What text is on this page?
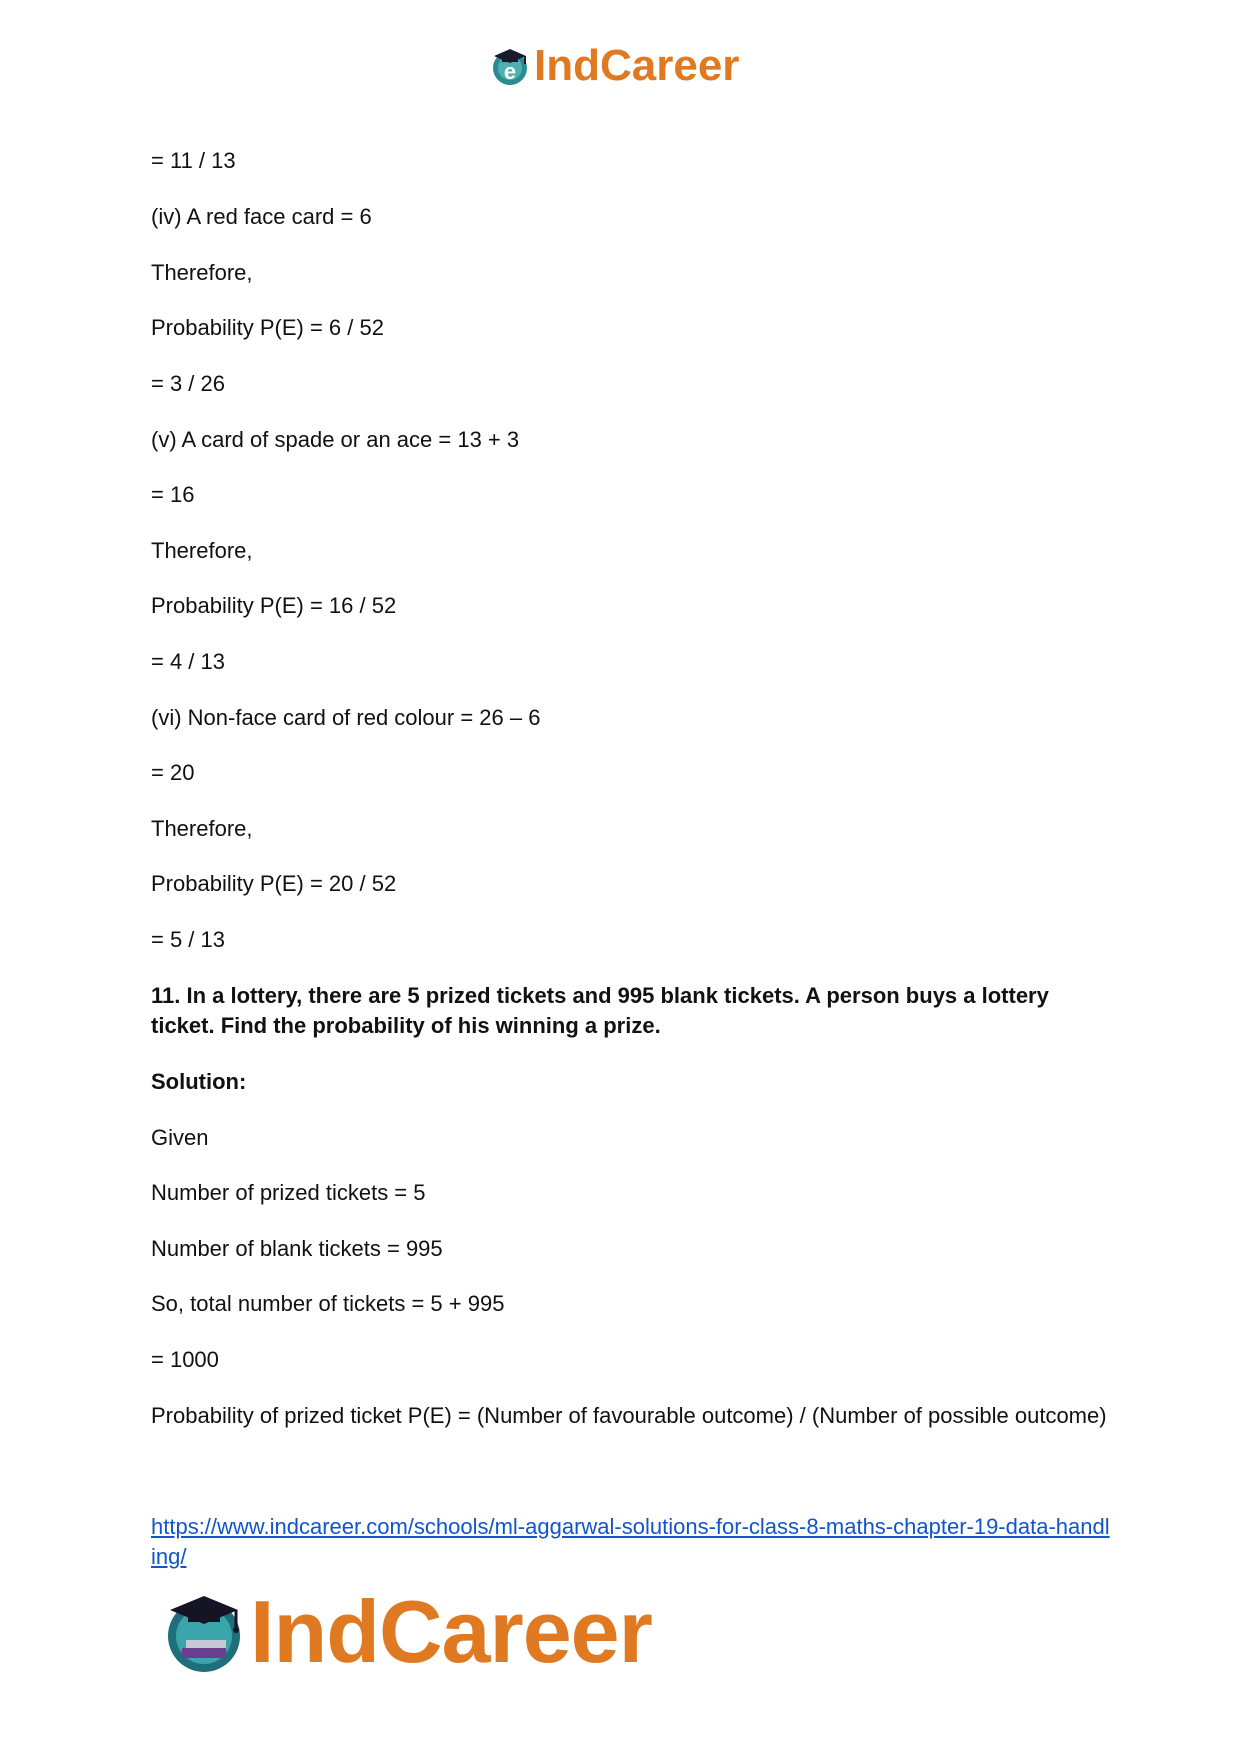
e IndCareer
= 11 / 13
(iv) A red face card = 6
Therefore,
Probability P(E) = 6 / 52
= 3 / 26
(v) A card of spade or an ace = 13 + 3
= 16
Therefore,
Probability P(E) = 16 / 52
= 4 / 13
(vi) Non-face card of red colour = 26 – 6
= 20
Therefore,
Probability P(E) = 20 / 52
= 5 / 13
11. In a lottery, there are 5 prized tickets and 995 blank tickets. A person buys a lottery ticket. Find the probability of his winning a prize.
Solution:
Given
Number of prized tickets = 5
Number of blank tickets = 995
So, total number of tickets = 5 + 995
= 1000
Probability of prized ticket P(E) = (Number of favourable outcome) / (Number of possible outcome)
https://www.indcareer.com/schools/ml-aggarwal-solutions-for-class-8-maths-chapter-19-data-handling/
IndCareer
